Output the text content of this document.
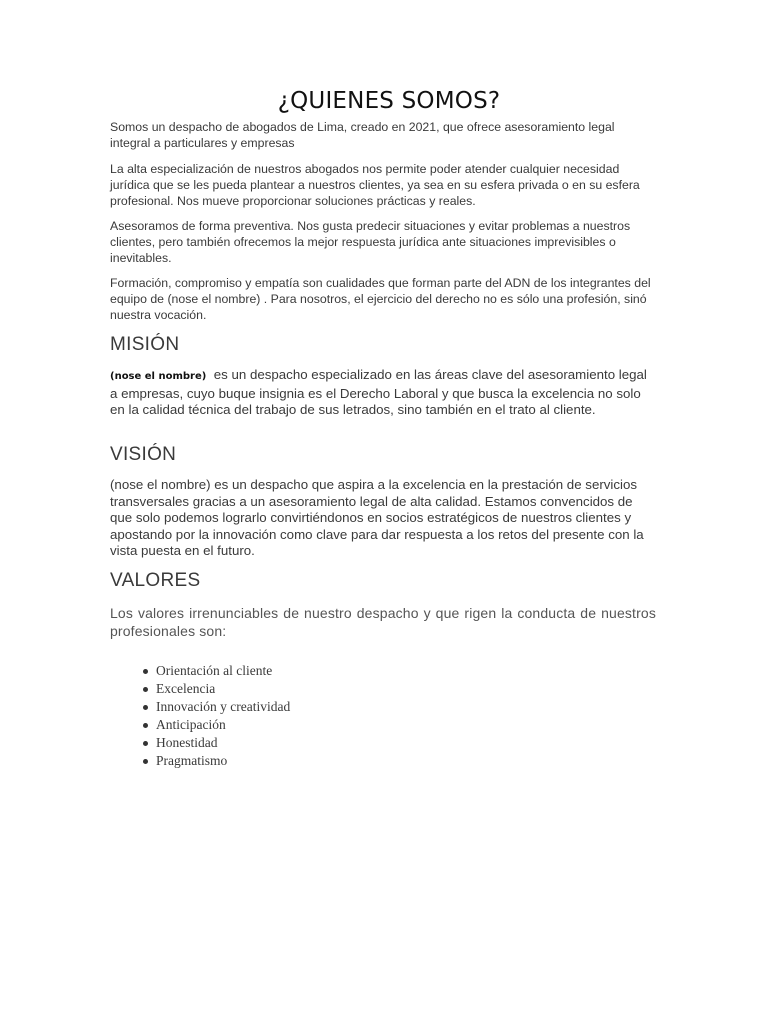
¿QUIENES SOMOS?

Somos un despacho de abogados de Lima, creado en 2021, que ofrece asesoramiento legal integral a particulares y empresas

La alta especialización de nuestros abogados nos permite poder atender cualquier necesidad jurídica que se les pueda plantear a nuestros clientes, ya sea en su esfera privada o en su esfera profesional. Nos mueve proporcionar soluciones prácticas y reales.

Asesoramos de forma preventiva. Nos gusta predecir situaciones y evitar problemas a nuestros clientes, pero también ofrecemos la mejor respuesta jurídica ante situaciones imprevisibles o inevitables.

Formación, compromiso y empatía son cualidades que forman parte del ADN de los integrantes del equipo de (nose el nombre) . Para nosotros, el ejercicio del derecho no es sólo una profesión, sinó nuestra vocación.

MISIÓN

(nose el nombre) es un despacho especializado en las áreas clave del asesoramiento legal a empresas, cuyo buque insignia es el Derecho Laboral y que busca la excelencia no solo en la calidad técnica del trabajo de sus letrados, sino también en el trato al cliente.

VISIÓN

(nose el nombre) es un despacho que aspira a la excelencia en la prestación de servicios transversales gracias a un asesoramiento legal de alta calidad. Estamos convencidos de que solo podemos lograrlo convirtiéndonos en socios estratégicos de nuestros clientes y apostando por la innovación como clave para dar respuesta a los retos del presente con la vista puesta en el futuro.

VALORES

Los valores irrenunciables de nuestro despacho y que rigen la conducta de nuestros profesionales son:

Orientación al cliente
Excelencia
Innovación y creatividad
Anticipación
Honestidad
Pragmatismo
